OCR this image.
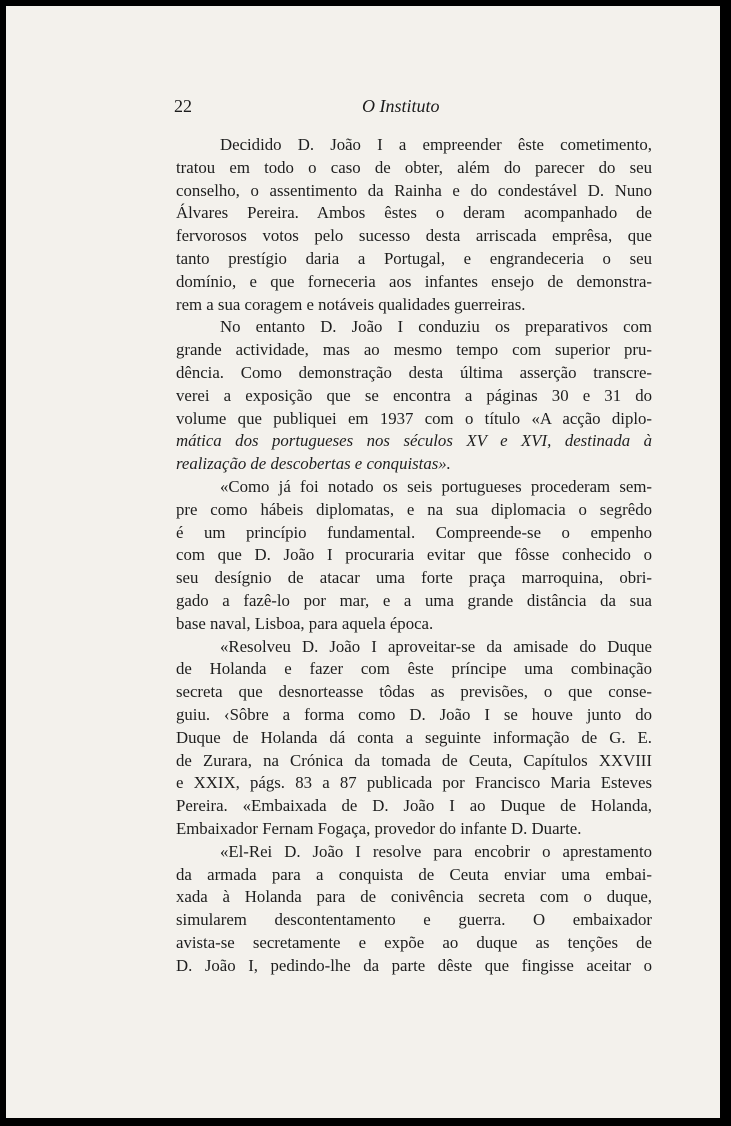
22	O Instituto
Decidido D. João I a empreender êste cometimento,
tratou em todo o caso de obter, além do parecer do seu
conselho, o assentimento da Rainha e do condestável D. Nuno
Álvares Pereira. Ambos êstes o deram acompanhado de
fervorosos votos pelo sucesso desta arriscada emprêsa, que
tanto prestígio daria a Portugal, e engrandeceria o seu
domínio, e que forneceria aos infantes ensejo de demonstra-
rem a sua coragem e notáveis qualidades guerreiras.
No entanto D. João I conduziu os preparativos com
grande actividade, mas ao mesmo tempo com superior pru-
dência. Como demonstração desta última asserção transcre-
verei a exposição que se encontra a páginas 30 e 31 do
volume que publiquei em 1937 com o título «A acção diplo-
mática dos portugueses nos séculos XV e XVI, destinada à
realização de descobertas e conquistas».
«Como já foi notado os seis portugueses procederam sem-
pre como hábeis diplomatas, e na sua diplomacia o segrêdo
é um princípio fundamental. Compreende-se o empenho
com que D. João I procuraria evitar que fôsse conhecido o
seu desígnio de atacar uma forte praça marroquina, obri-
gado a fazê-lo por mar, e a uma grande distância da sua
base naval, Lisboa, para aquela época.
«Resolveu D. João I aproveitar-se da amisade do Duque
de Holanda e fazer com êste príncipe uma combinação
secreta que desnorteasse tôdas as previsões, o que conse-
guiu. ‹Sôbre a forma como D. João I se houve junto do
Duque de Holanda dá conta a seguinte informação de G. E.
de Zurara, na Crónica da tomada de Ceuta, Capítulos XXVIII
e XXIX, págs. 83 a 87 publicada por Francisco Maria Esteves
Pereira. «Embaixada de D. João I ao Duque de Holanda,
Embaixador Fernam Fogaça, provedor do infante D. Duarte.
«El-Rei D. João I resolve para encobrir o aprestamento
da armada para a conquista de Ceuta enviar uma embai-
xada à Holanda para de conivência secreta com o duque,
simularem descontentamento e guerra. O embaixador
avista-se secretamente e expõe ao duque as tenções de
D. João I, pedindo-lhe da parte dêste que fingisse aceitar o
